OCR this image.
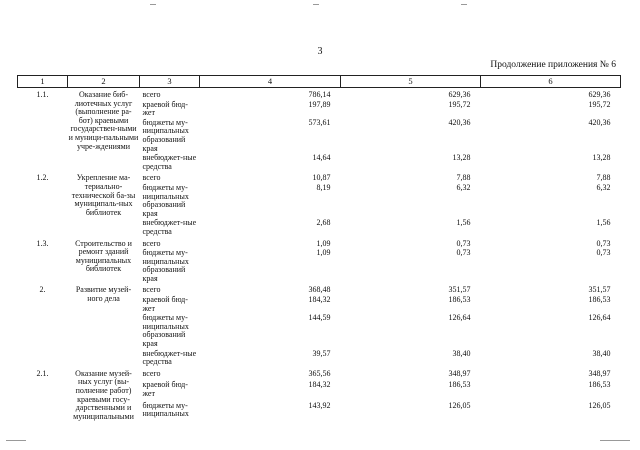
3
Продолжение приложения № 6
1	2	3	4	5	6
1.1.	Оказание биб-лиотечных услуг (выполнение ра-бот) краевыми государствен-ными и муници-пальными учре-ждениями	всего	786,14	629,36	629,36
		краевой бюд-жет	197,89	195,72	195,72
		бюджеты му-ниципальных образований края	573,61	420,36	420,36
		внебюджет-ные средства	14,64	13,28	13,28
1.2.	Укрепление ма-териально-технической ба-зы муниципаль-ных библиотек	всего	10,87	7,88	7,88
		бюджеты му-ниципальных образований края	8,19	6,32	6,32
		внебюджет-ные средства	2,68	1,56	1,56
1.3.	Строительство и ремонт зданий муниципальных библиотек	всего	1,09	0,73	0,73
		бюджеты му-ниципальных образований края	1,09	0,73	0,73
2.	Развитие музей-ного дела	всего	368,48	351,57	351,57
		краевой бюд-жет	184,32	186,53	186,53
		бюджеты му-ниципальных образований края	144,59	126,64	126,64
		внебюджет-ные средства	39,57	38,40	38,40
2.1.	Оказание музей-ных услуг (вы-полнение работ) краевыми госу-дарственными и муниципальными	всего	365,56	348,97	348,97
		краевой бюд-жет	184,32	186,53	186,53
		бюджеты му-ниципальных	143,92	126,05	126,05
